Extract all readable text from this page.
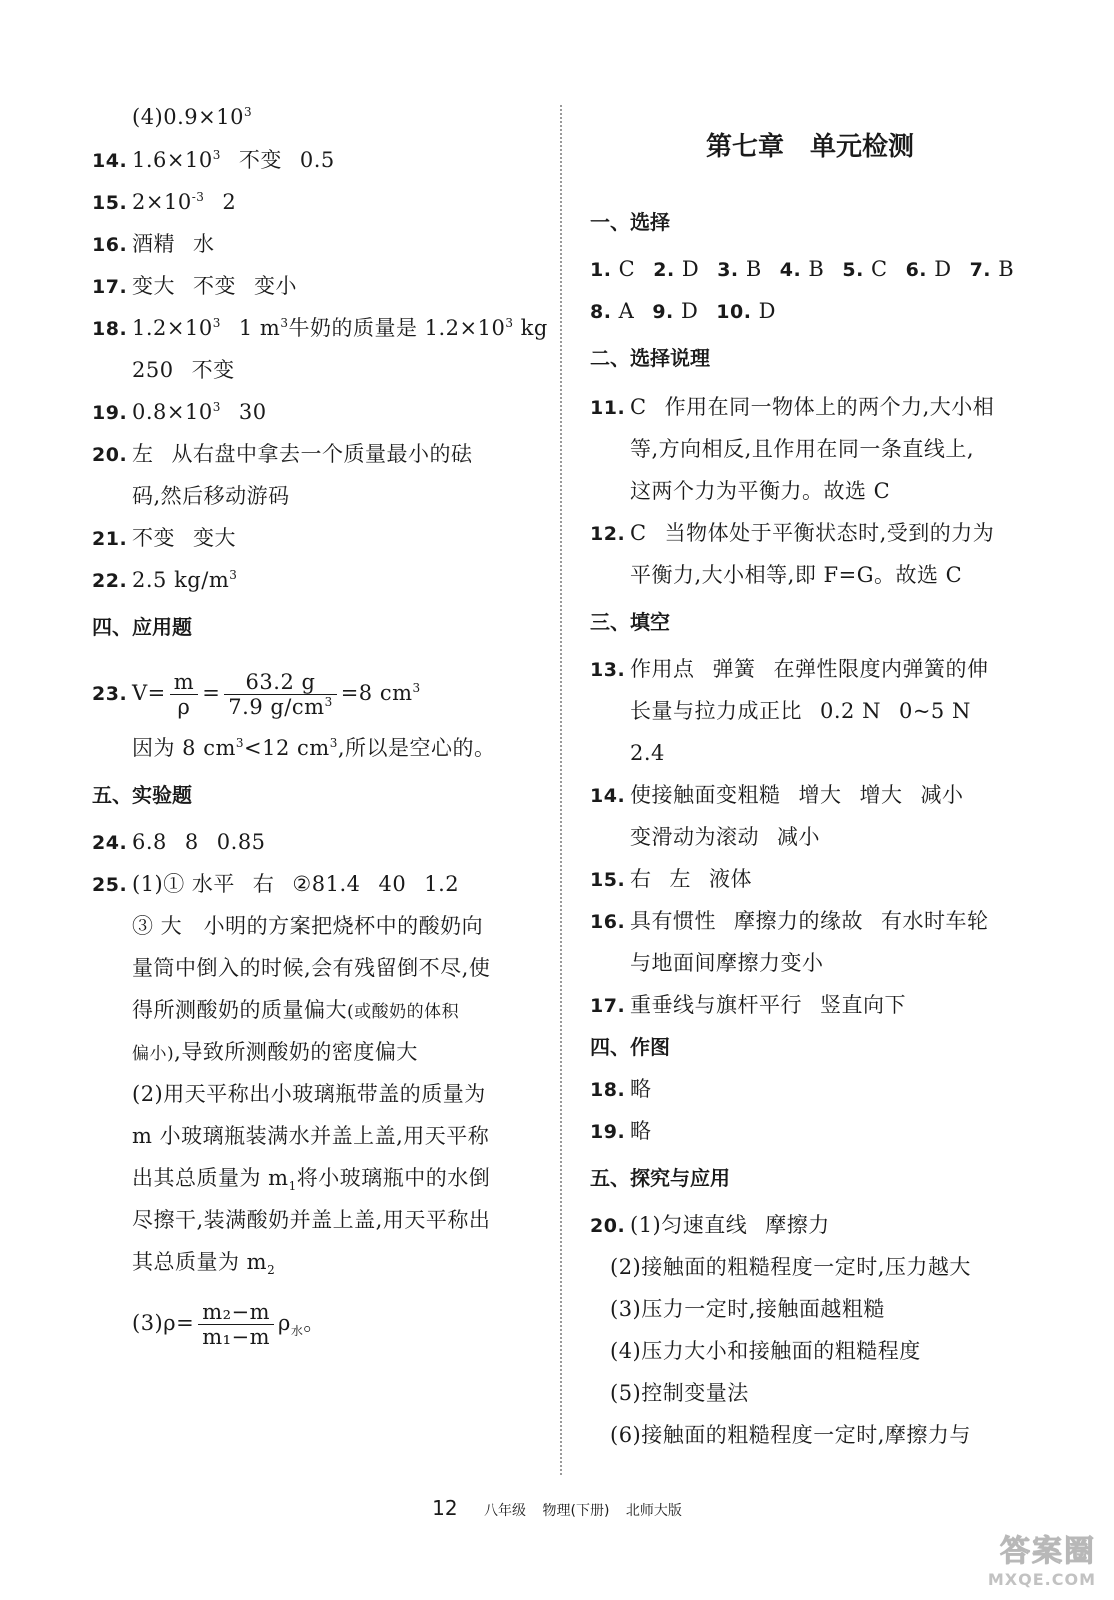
$(4)0.9\times 10^3$
14. $1.6\times 10^3$ 不变 0.5
15. $2\times 10^{-3}$ 2
16. 酒精 水
17. 变大 不变 变小
18. $1.2\times 10^3$ 1 $m^3$牛奶的质量是 $1.2\times 10^3$ kg
250 不变
19. $0.8\times 10^3$ 30
20. 左 从右盘中拿去一个质量最小的砝
码,然后移动游码
21. 不变 变大
22. 2.5 $kg/m^3$
四、应用题
23. $V= \frac{m}{\rho} = \frac{63.2 g}{7.9 g/cm^3} =8$ $cm^3$
因为 8 $cm^3<12$ $cm^3$,所以是空心的。
五、实验题
24. 6.8 8 0.85
25. (1)① 水平 右 ②81.4 40 1.2
③ 大　小明的方案把烧杯中的酸奶向
量筒中倒入的时候,会有残留倒不尽,使
得所测酸奶的质量偏大(或酸奶的体积
偏小),导致所测酸奶的密度偏大
(2)用天平称出小玻璃瓶带盖的质量为
m 小玻璃瓶装满水并盖上盖,用天平称
出其总质量为 $m_1$将小玻璃瓶中的水倒
尽擦干,装满酸奶并盖上盖,用天平称出
其总质量为 $m_2$
$(3)\rho= \frac{\text{m₂−m}}{\text{m₁−m}} \rho_水$。
第七章　单元检测
一、选择
1. C 2. D 3. B 4. B 5. C 6. D 7. B
8. A 9. D 10. D
二、选择说理
11. C 作用在同一物体上的两个力,大小相
等,方向相反,且作用在同一条直线上,
这两个力为平衡力。故选 C
12. C 当物体处于平衡状态时,受到的力为
平衡力,大小相等,即 F=G。故选 C
三、填空
13. 作用点 弹簧 在弹性限度内弹簧的伸
长量与拉力成正比 0.2 N 0~5 N
2.4
14. 使接触面变粗糙 增大 增大 减小
变滑动为滚动 减小
15. 右 左 液体
16. 具有惯性 摩擦力的缘故 有水时车轮
与地面间摩擦力变小
17. 重垂线与旗杆平行 竖直向下
四、作图
18. 略
19. 略
五、探究与应用
20. (1)匀速直线 摩擦力
(2)接触面的粗糙程度一定时,压力越大
(3)压力一定时,接触面越粗糙
(4)压力大小和接触面的粗糙程度
(5)控制变量法
(6)接触面的粗糙程度一定时,摩擦力与
12 八年级 物理(下册) 北师大版
答案圈
MXQE.COM
